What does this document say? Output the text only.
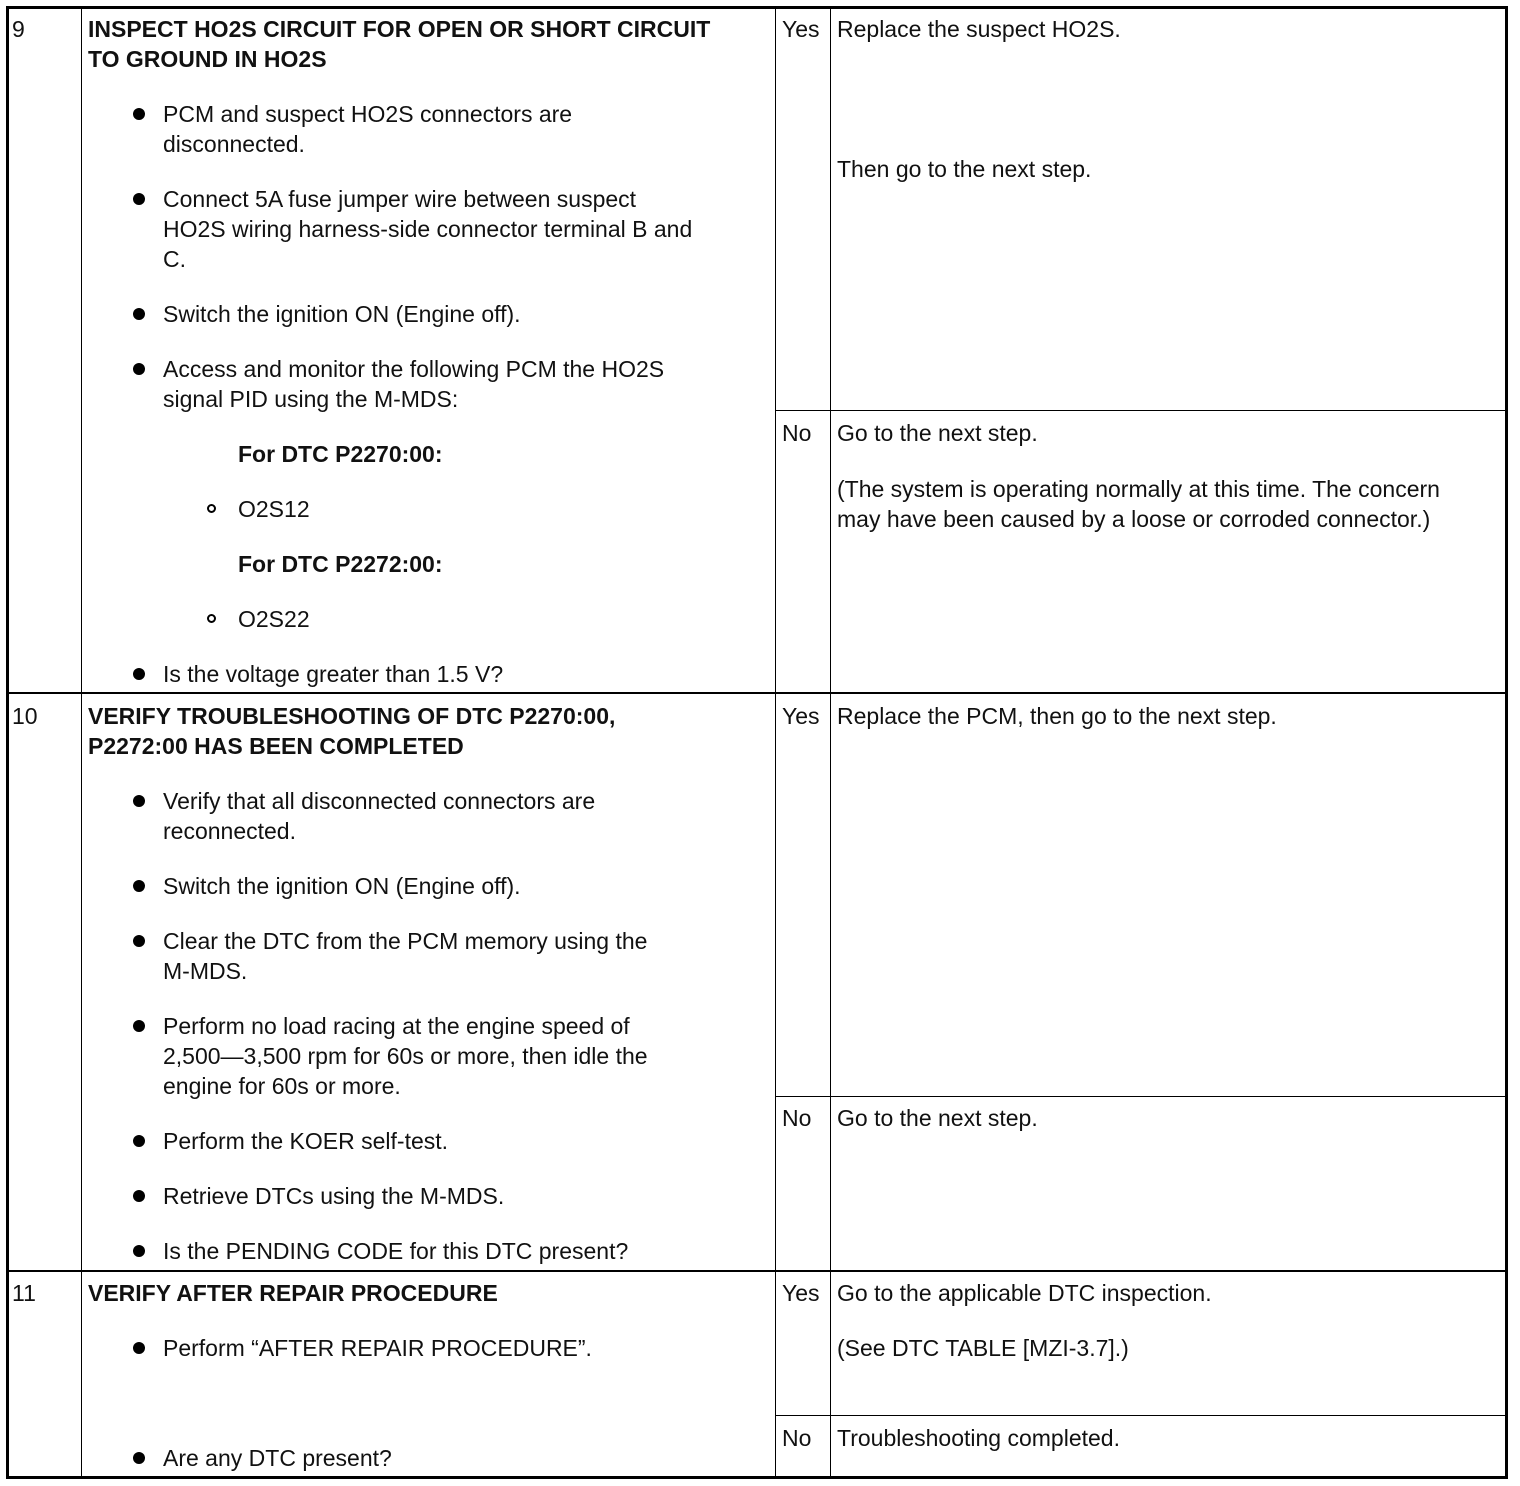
9	INSPECT HO2S CIRCUIT FOR OPEN OR SHORT CIRCUIT
TO GROUND IN HO2S
PCM and suspect HO2S connectors are
disconnected.
Connect 5A fuse jumper wire between suspect
HO2S wiring harness-side connector terminal B and
C.
Switch the ignition ON (Engine off).
Access and monitor the following PCM the HO2S
signal PID using the M-MDS:
For DTC P2270:00:
O2S12
For DTC P2272:00:
O2S22
Is the voltage greater than 1.5 V?
Yes Replace the suspect HO2S.
Then go to the next step.
No Go to the next step.
(The system is operating normally at this time. The concern
may have been caused by a loose or corroded connector.)
10 VERIFY TROUBLESHOOTING OF DTC P2270:00,
P2272:00 HAS BEEN COMPLETED
Verify that all disconnected connectors are
reconnected.
Switch the ignition ON (Engine off).
Clear the DTC from the PCM memory using the
M-MDS.
Perform no load racing at the engine speed of
2,500—3,500 rpm for 60s or more, then idle the
engine for 60s or more.
Perform the KOER self-test.
Retrieve DTCs using the M-MDS.
Is the PENDING CODE for this DTC present?
Yes Replace the PCM, then go to the next step.
No Go to the next step.
11 VERIFY AFTER REPAIR PROCEDURE
Perform “AFTER REPAIR PROCEDURE”.
Are any DTC present?
Yes Go to the applicable DTC inspection.
(See DTC TABLE [MZI-3.7].)
No Troubleshooting completed.
